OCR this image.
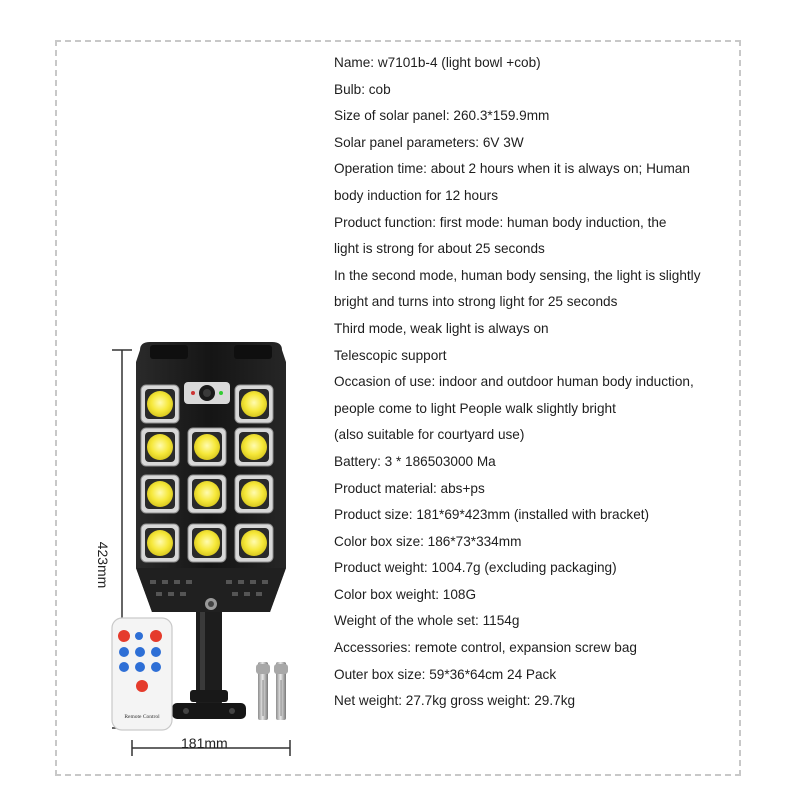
Name: w7101b-4 (light bowl +cob)
Bulb: cob
Size of solar panel: 260.3*159.9mm
Solar panel parameters: 6V 3W
Operation time: about 2 hours when it is always on; Human
body induction for 12 hours
Product function: first mode: human body induction, the
light is strong for about 25 seconds
In the second mode, human body sensing, the light is slightly
bright and turns into strong light for 25 seconds
Third mode, weak light is always on
Telescopic support
Occasion of use: indoor and outdoor human body induction,
people come to light People walk slightly bright
(also suitable for courtyard use)
Battery: 3 * 186503000 Ma
Product material: abs+ps
Product size: 181*69*423mm (installed with bracket)
Color box size: 186*73*334mm
Product weight: 1004.7g (excluding packaging)
Color box weight: 108G
Weight of the whole set: 1154g
Accessories: remote control, expansion screw bag
Outer box size: 59*36*64cm 24 Pack
Net weight: 27.7kg gross weight: 29.7kg
Remote Control
423mm
181mm
